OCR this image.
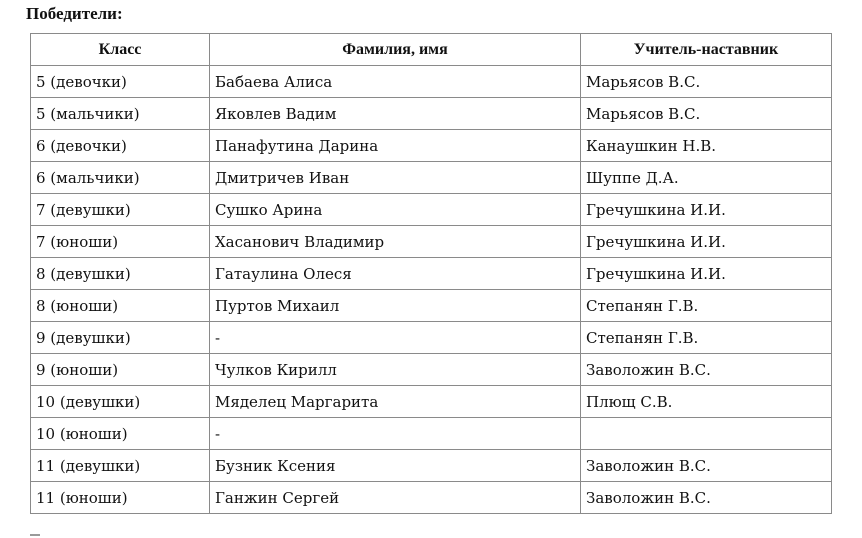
Победители:
Класс	Фамилия, имя	Учитель-наставник
5 (девочки)	Бабаева Алиса	Марьясов В.С.
5 (мальчики)	Яковлев Вадим	Марьясов В.С.
6 (девочки)	Панафутина Дарина	Канаушкин Н.В.
6 (мальчики)	Дмитричев Иван	Шуппе Д.А.
7 (девушки)	Сушко Арина	Гречушкина И.И.
7 (юноши)	Хасанович Владимир	Гречушкина И.И.
8 (девушки)	Гатаулина Олеся	Гречушкина И.И.
8 (юноши)	Пуртов Михаил	Степанян Г.В.
9 (девушки)	-	Степанян Г.В.
9 (юноши)	Чулков Кирилл	Заволожин В.С.
10 (девушки)	Мяделец Маргарита	Плющ С.В.
10 (юноши)	-	
11 (девушки)	Бузник Ксения	Заволожин В.С.
11 (юноши)	Ганжин Сергей	Заволожин В.С.
